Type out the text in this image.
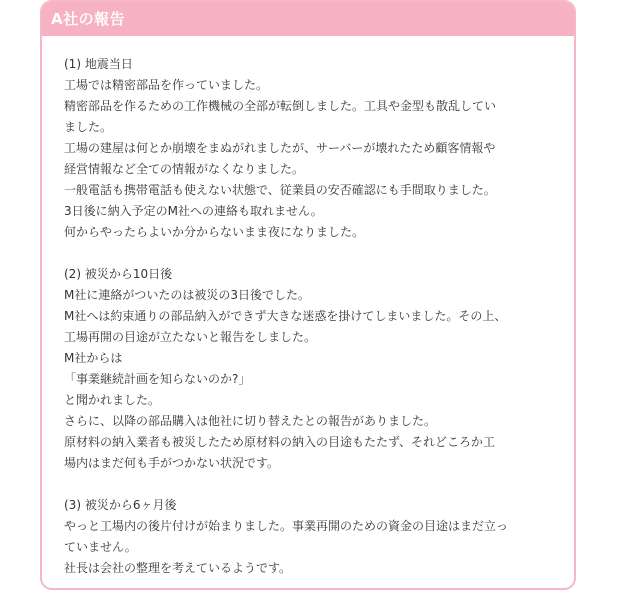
A社の報告
(1) 地震当日
工場では精密部品を作っていました。
精密部品を作るための工作機械の全部が転倒しました。工具や金型も散乱してい
ました。
工場の建屋は何とか崩壊をまぬがれましたが、サーバーが壊れたため顧客情報や
経営情報など全ての情報がなくなりました。
一般電話も携帯電話も使えない状態で、従業員の安否確認にも手間取りました。
3日後に納入予定のM社への連絡も取れません。
何からやったらよいか分からないまま夜になりました。
(2) 被災から10日後
M社に連絡がついたのは被災の3日後でした。
M社へは約束通りの部品納入ができず大きな迷惑を掛けてしまいました。その上、
工場再開の目途が立たないと報告をしました。
M社からは
「事業継続計画を知らないのか?」
と聞かれました。
さらに、以降の部品購入は他社に切り替えたとの報告がありました。
原材料の納入業者も被災したため原材料の納入の目途もたたず、それどころか工
場内はまだ何も手がつかない状況です。
(3) 被災から6ヶ月後
やっと工場内の後片付けが始まりました。事業再開のための資金の目途はまだ立っ
ていません。
社長は会社の整理を考えているようです。
